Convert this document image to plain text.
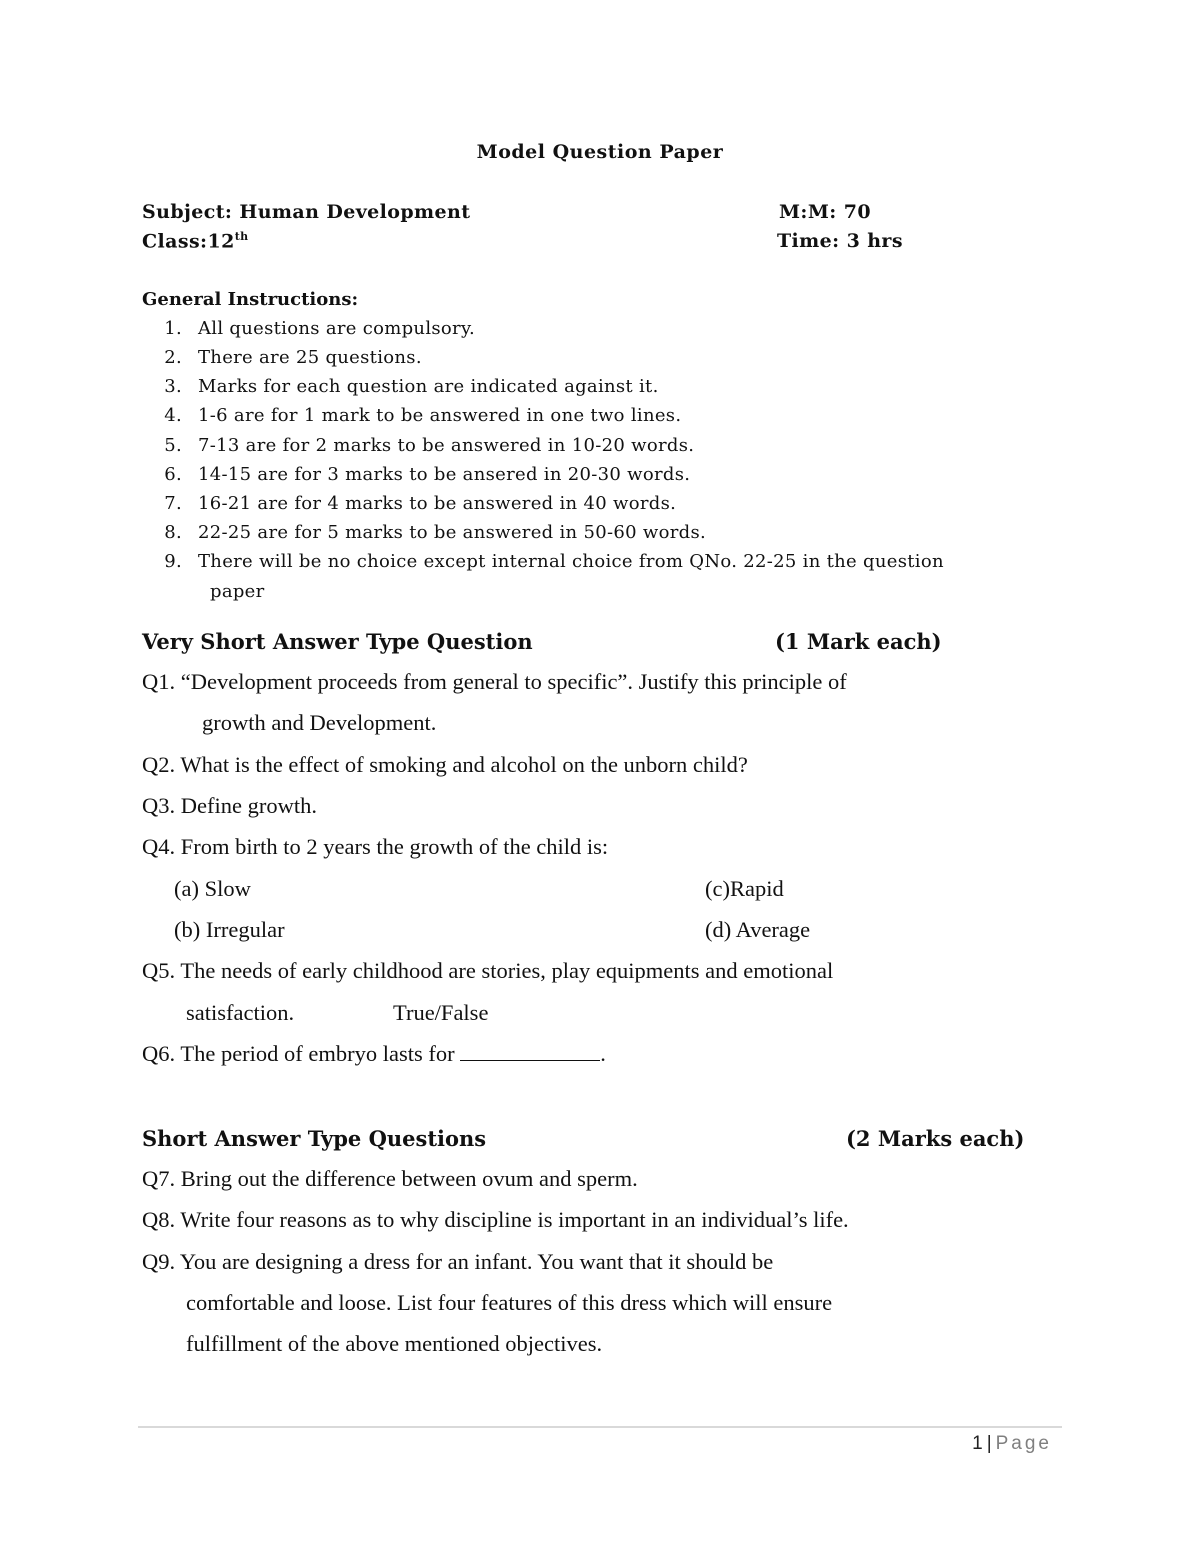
Model Question Paper
Subject: Human Development	M:M: 70
Class:12th	Time: 3 hrs
General Instructions:
1. All questions are compulsory.
2. There are 25 questions.
3. Marks for each question are indicated against it.
4. 1-6 are for 1 mark to be answered in one two lines.
5. 7-13 are for 2 marks to be answered in 10-20 words.
6. 14-15 are for 3 marks to be ansered in 20-30 words.
7. 16-21 are for 4 marks to be answered in 40 words.
8. 22-25 are for 5 marks to be answered in 50-60 words.
9. There will be no choice except internal choice from QNo. 22-25 in the question
paper
Very Short Answer Type Question	(1 Mark each)
Q1. “Development proceeds from general to specific”. Justify this principle of
growth and Development.
Q2. What is the effect of smoking and alcohol on the unborn child?
Q3. Define growth.
Q4. From birth to 2 years the growth of the child is:
(a) Slow	(c)Rapid
(b) Irregular	(d) Average
Q5. The needs of early childhood are stories, play equipments and emotional
satisfaction.	True/False
Q6. The period of embryo lasts for	.
Short Answer Type Questions	(2 Marks each)
Q7. Bring out the difference between ovum and sperm.
Q8. Write four reasons as to why discipline is important in an individual’s life.
Q9. You are designing a dress for an infant. You want that it should be
comfortable and loose. List four features of this dress which will ensure
fulfillment of the above mentioned objectives.
1 | Page
